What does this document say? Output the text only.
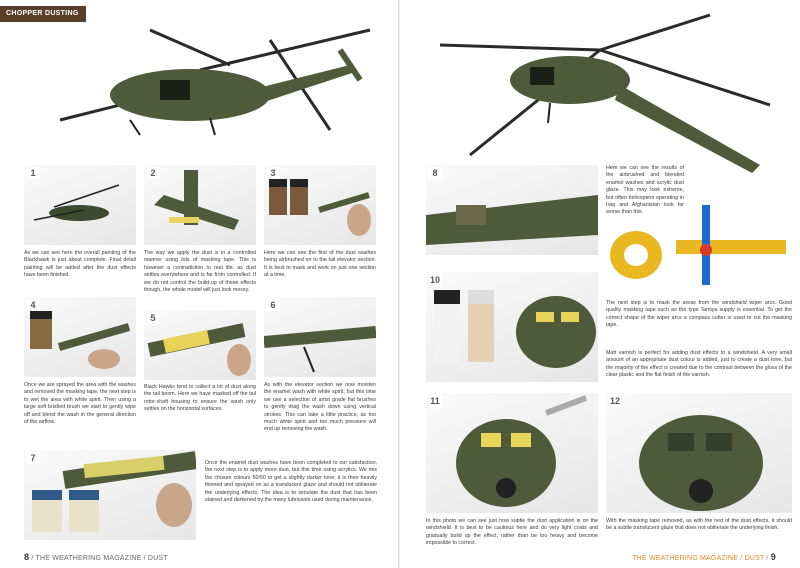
CHOPPER DUSTING
1	2	3

As we can see here the overall painting of the Blackhawk is just about complete. Final detail painting will be added after the dust effects have been finished.

The way we apply the dust is in a controlled manner using lots of masking tape. This is however a contradiction to real life, as dust settles everywhere and is far from controlled. If we do not control the build-up of these effects though, the whole model will just look messy.

Here we can see the first of the dust washes being airbrushed on to the tail elevator section. It is best to mask and work on just one section at a time.

4
5
6

Once we are sprayed the area with the washes and removed the masking tape, the next step is to wet the area with white spirit. Then using a large soft bristled brush we start to gently wipe off and blend the wash in the general direction of the airflow.

Black Hawks tend to collect a lot of dust along the tail boom. Here we have masked off the tail rotor-shaft housing to ensure the wash only settles on the horizontal surfaces.

As with the elevator section we now moisten the enamel wash with white spirit, but this time we use a selection of artist grade flat brushes to gently drag the wash down using vertical strokes. This can take a little practice, as too much white spirit and too much pressure will end up removing the wash.

7	Once the enamel dust washes have been completed to our satisfaction, the next step is to apply more dust, but this time using acrylics. We mix the chosen colours 50/50 to get a slightly darker tone; it is then heavily thinned and sprayed on as a translucent glaze and should not obliterate the underlying effects. The idea is to simulate the dust that has been stained and darkened by the many lubricants used during maintenance.

8 / THE WEATHERING MAGAZINE / DUST
8	Here we can see the results of the airbrushed and blended enamel washes and acrylic dust glaze. This may look extreme, but often helicopters operating in Iraq and Afghanistan look far worse than this.

10

The next step is to mask the areas from the windshield wiper arcs. Good quality masking tape such as the type Tamiya supply is essential. To get the correct shape of the wiper arcs a compass cutter is used to cut the masking tape.

Matt varnish is perfect for adding dust effects to a windshield. A very small amount of an appropriate dust colour is added, just to create a dust tone, but the majority of the effect is created due to the contrast between the gloss of the clear plastic and the flat finish of the varnish.

11	12

In this photo we can see just how subtle the dust application is on the windshield. It is best to be cautious here and do very light coats and gradually build up the effect, rather than be too heavy and become impossible to correct.

With the masking tape removed, as with the rest of the dust effects, it should be a subtle translucent glaze that does not obliterate the underlying finish.

THE WEATHERING MAGAZINE / DUST / 9
